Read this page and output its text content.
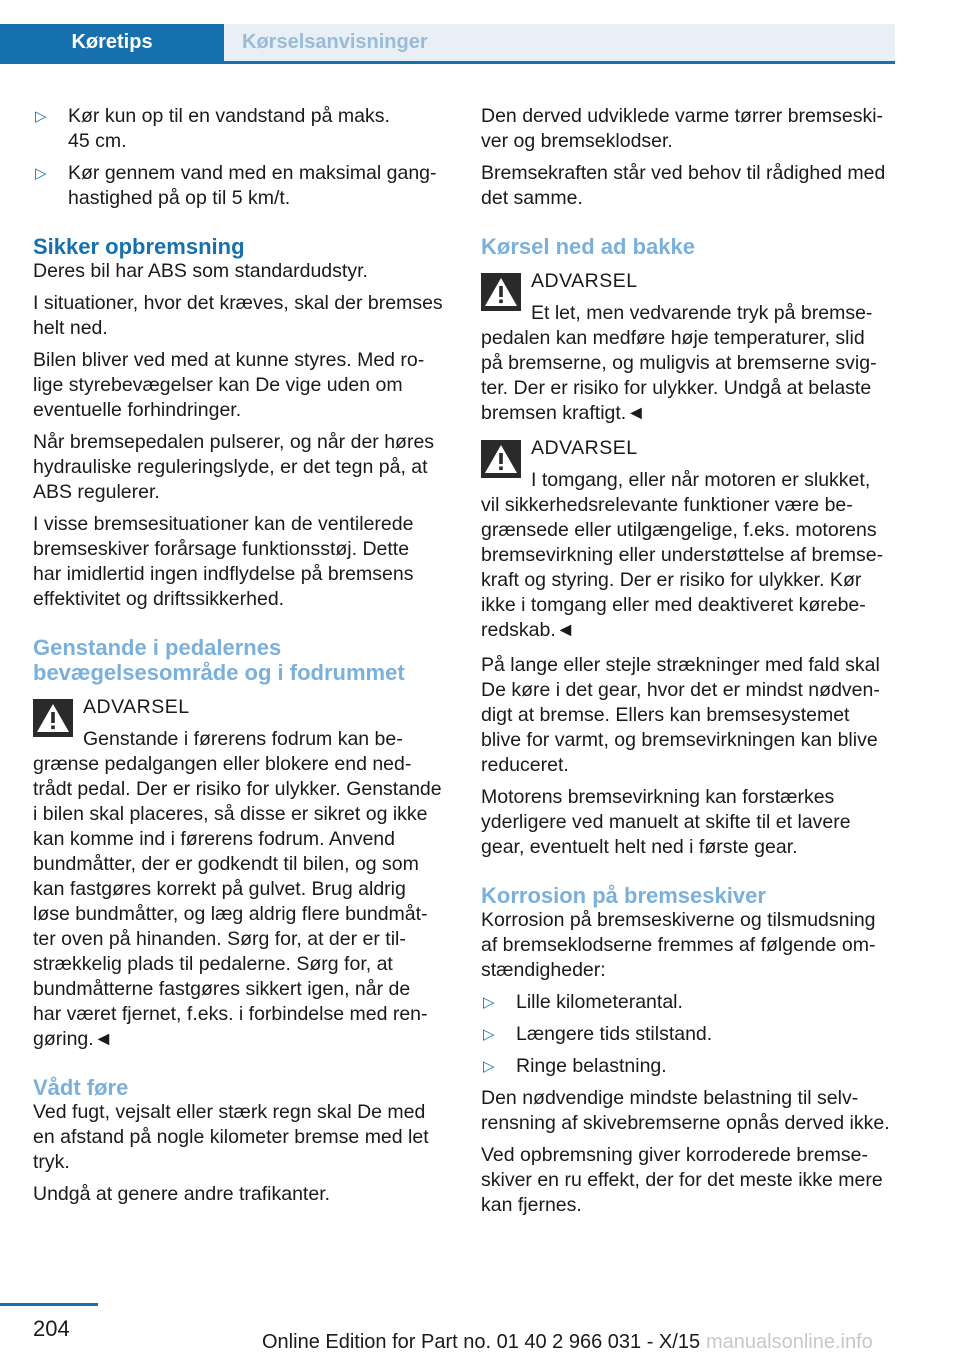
Køretips	Kørselsanvisninger
▷	Kør kun op til en vandstand på maks.
45 cm.
▷	Kør gennem vand med en maksimal gang-
hastighed på op til 5 km/t.
Sikker opbremsning

Deres bil har ABS som standardudstyr.

I situationer, hvor det kræves, skal der bremses
helt ned.

Bilen bliver ved med at kunne styres. Med ro-
lige styrebevægelser kan De vige uden om
eventuelle forhindringer.

Når bremsepedalen pulserer, og når der høres
hydrauliske reguleringslyde, er det tegn på, at
ABS regulerer.

I visse bremsesituationer kan de ventilerede
bremseskiver forårsage funktionsstøj. Dette
har imidlertid ingen indflydelse på bremsens
effektivitet og driftssikkerhed.

Genstande i pedalernes
bevægelsesområde og i fodrummet
ADVARSEL
Genstande i førerens fodrum kan be-
grænse pedalgangen eller blokere end ned-
trådt pedal. Der er risiko for ulykker. Genstande
i bilen skal placeres, så disse er sikret og ikke
kan komme ind i førerens fodrum. Anvend
bundmåtter, der er godkendt til bilen, og som
kan fastgøres korrekt på gulvet. Brug aldrig
løse bundmåtter, og læg aldrig flere bundmåt-
ter oven på hinanden. Sørg for, at der er til-
strækkelig plads til pedalerne. Sørg for, at
bundmåtterne fastgøres sikkert igen, når de
har været fjernet, f.eks. i forbindelse med ren-
gøring.◄
Vådt føre

Ved fugt, vejsalt eller stærk regn skal De med
en afstand på nogle kilometer bremse med let
tryk.

Undgå at genere andre trafikanter.

Den derved udviklede varme tørrer bremseski-
ver og bremseklodser.

Bremsekraften står ved behov til rådighed med
det samme.

Kørsel ned ad bakke
ADVARSEL
Et let, men vedvarende tryk på bremse-
pedalen kan medføre høje temperaturer, slid
på bremserne, og muligvis at bremserne svig-
ter. Der er risiko for ulykker. Undgå at belaste
bremsen kraftigt.◄
ADVARSEL
I tomgang, eller når motoren er slukket,
vil sikkerhedsrelevante funktioner være be-
grænsede eller utilgængelige, f.eks. motorens
bremsevirkning eller understøttelse af bremse-
kraft og styring. Der er risiko for ulykker. Kør
ikke i tomgang eller med deaktiveret kørebe-
redskab.◄

På lange eller stejle strækninger med fald skal
De køre i det gear, hvor det er mindst nødven-
digt at bremse. Ellers kan bremsesystemet
blive for varmt, og bremsevirkningen kan blive
reduceret.

Motorens bremsevirkning kan forstærkes
yderligere ved manuelt at skifte til et lavere
gear, eventuelt helt ned i første gear.

Korrosion på bremseskiver

Korrosion på bremseskiverne og tilsmudsning
af bremseklodserne fremmes af følgende om-
stændigheder:

▷	Lille kilometerantal.
▷	Længere tids stilstand.
▷	Ringe belastning.

Den nødvendige mindste belastning til selv-
rensning af skivebremserne opnås derved ikke.

Ved opbremsning giver korroderede bremse-
skiver en ru effekt, der for det meste ikke mere
kan fjernes.

204
Online Edition for Part no. 01 40 2 966 031 - X/15 manualsonline.info
